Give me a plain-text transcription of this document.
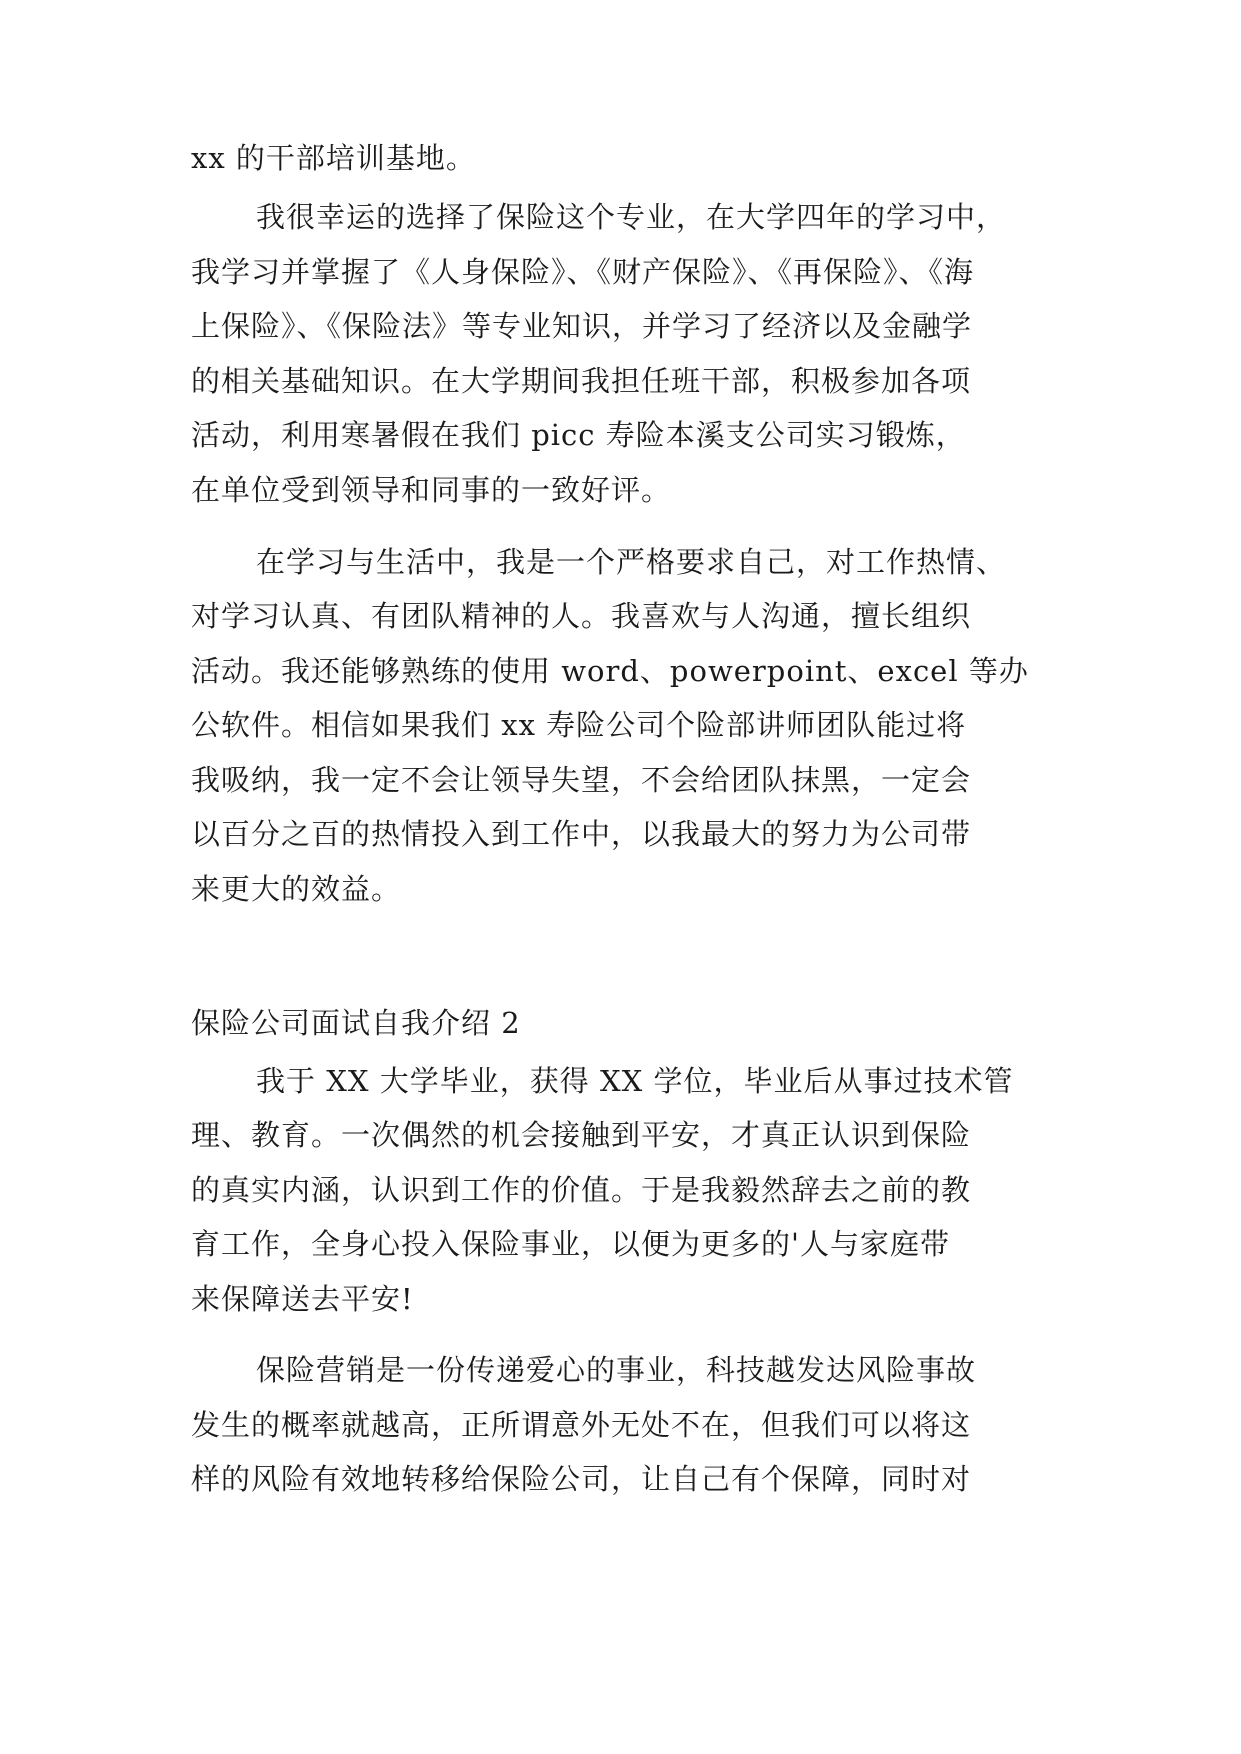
xx 的干部培训基地。
我很幸运的选择了保险这个专业，在大学四年的学习中，
我学习并掌握了《人身保险》、《财产保险》、《再保险》、《海
上保险》、《保险法》等专业知识，并学习了经济以及金融学
的相关基础知识。在大学期间我担任班干部，积极参加各项
活动，利用寒暑假在我们 picc 寿险本溪支公司实习锻炼，
在单位受到领导和同事的一致好评。
在学习与生活中，我是一个严格要求自己，对工作热情、
对学习认真、有团队精神的人。我喜欢与人沟通，擅长组织
活动。我还能够熟练的使用 word、powerpoint、excel 等办
公软件。相信如果我们 xx 寿险公司个险部讲师团队能过将
我吸纳，我一定不会让领导失望，不会给团队抹黑，一定会
以百分之百的热情投入到工作中，以我最大的努力为公司带
来更大的效益。
保险公司面试自我介绍 2
我于 XX 大学毕业，获得 XX 学位，毕业后从事过技术管
理、教育。一次偶然的机会接触到平安，才真正认识到保险
的真实内涵，认识到工作的价值。于是我毅然辞去之前的教
育工作，全身心投入保险事业，以便为更多的'人与家庭带
来保障送去平安!
保险营销是一份传递爱心的事业，科技越发达风险事故
发生的概率就越高，正所谓意外无处不在，但我们可以将这
样的风险有效地转移给保险公司，让自己有个保障，同时对
